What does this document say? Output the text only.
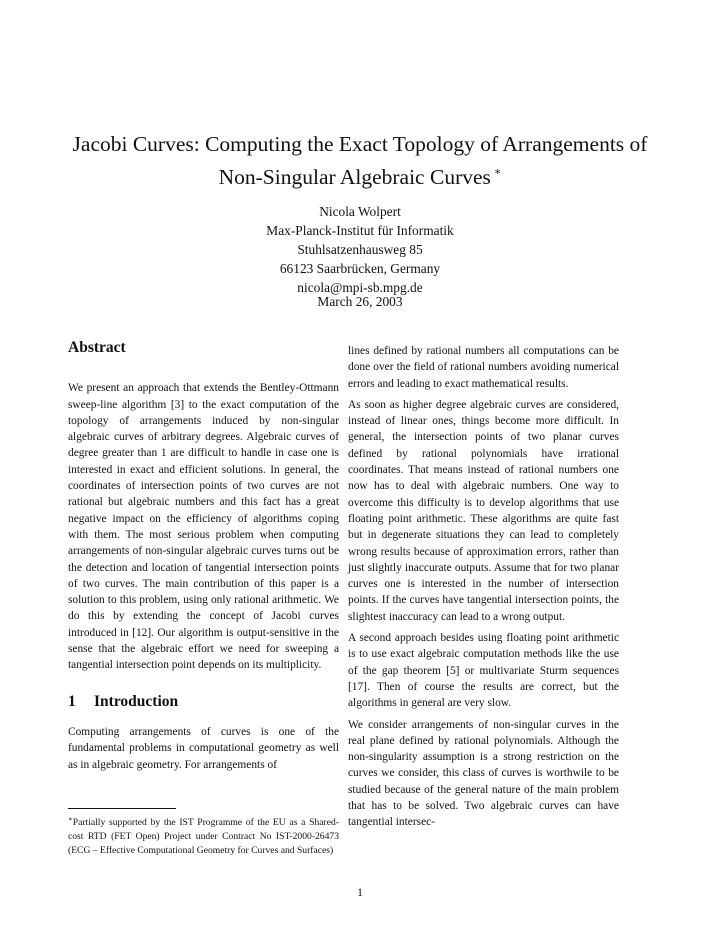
Jacobi Curves: Computing the Exact Topology of Arrangements of
Non-Singular Algebraic Curves ∗
Nicola Wolpert
Max-Planck-Institut für Informatik
Stuhlsatzenhausweg 85
66123 Saarbrücken, Germany
nicola@mpi-sb.mpg.de
March 26, 2003
Abstract

We present an approach that extends the Bentley-Ottmann sweep-line algorithm [3] to the exact computation of the topology of arrangements induced by non-singular algebraic curves of arbitrary degrees. Algebraic curves of degree greater than 1 are difficult to handle in case one is interested in exact and efficient solutions. In general, the coordinates of intersection points of two curves are not rational but algebraic numbers and this fact has a great negative impact on the efficiency of algorithms coping with them. The most serious problem when computing arrangements of non-singular algebraic curves turns out be the detection and location of tangential intersection points of two curves. The main contribution of this paper is a solution to this problem, using only rational arithmetic. We do this by extending the concept of Jacobi curves introduced in [12]. Our algorithm is output-sensitive in the sense that the algebraic effort we need for sweeping a tangential intersection point depends on its multiplicity.

1 Introduction

Computing arrangements of curves is one of the fundamental problems in computational geometry as well as in algebraic geometry. For arrangements of

lines defined by rational numbers all computations can be done over the field of rational numbers avoiding numerical errors and leading to exact mathematical results.

As soon as higher degree algebraic curves are considered, instead of linear ones, things become more difficult. In general, the intersection points of two planar curves defined by rational polynomials have irrational coordinates. That means instead of rational numbers one now has to deal with algebraic numbers. One way to overcome this difficulty is to develop algorithms that use floating point arithmetic. These algorithms are quite fast but in degenerate situations they can lead to completely wrong results because of approximation errors, rather than just slightly inaccurate outputs. Assume that for two planar curves one is interested in the number of intersection points. If the curves have tangential intersection points, the slightest inaccuracy can lead to a wrong output.

A second approach besides using floating point arithmetic is to use exact algebraic computation methods like the use of the gap theorem [5] or multivariate Sturm sequences [17]. Then of course the results are correct, but the algorithms in general are very slow.

We consider arrangements of non-singular curves in the real plane defined by rational polynomials. Although the non-singularity assumption is a strong restriction on the curves we consider, this class of curves is worthwile to be studied because of the general nature of the main problem that has to be solved. Two algebraic curves can have tangential intersec-

∗Partially supported by the IST Programme of the EU as a Shared-cost RTD (FET Open) Project under Contract No IST-2000-26473 (ECG – Effective Computational Geometry for Curves and Surfaces)
1
